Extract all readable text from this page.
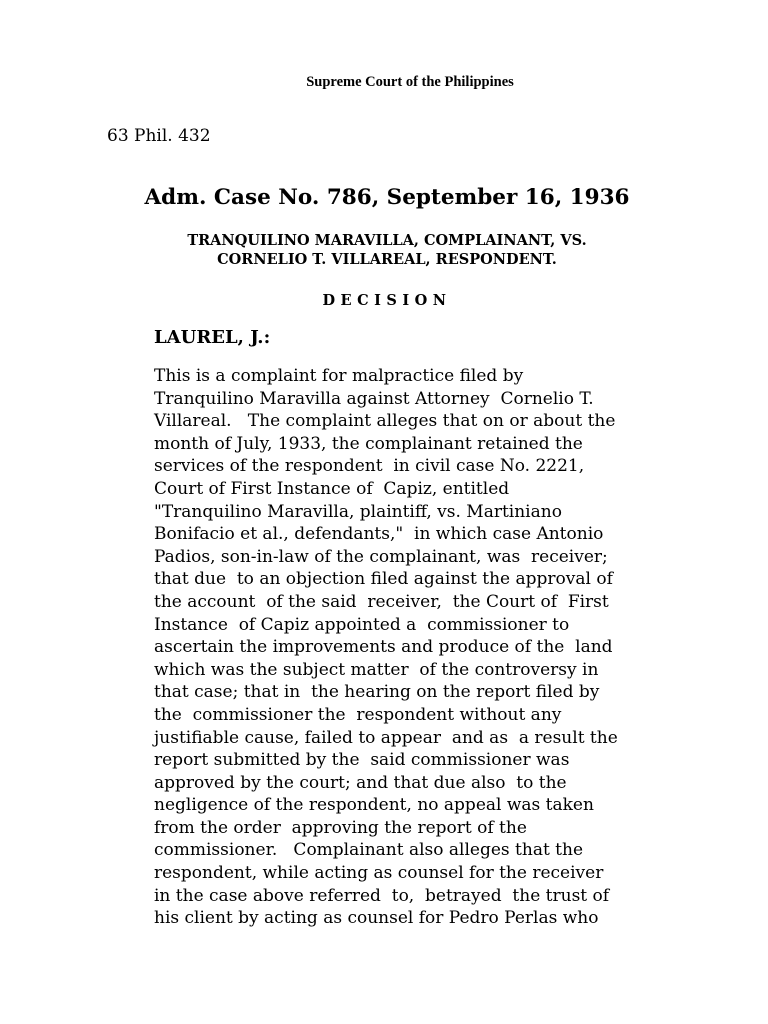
Supreme Court of the Philippines
63 Phil. 432
Adm. Case No. 786, September 16, 1936
TRANQUILINO MARAVILLA, COMPLAINANT, VS.
CORNELIO T. VILLAREAL, RESPONDENT.
DECISION
LAUREL, J.:
This is a complaint for malpractice filed by
Tranquilino Maravilla against Attorney  Cornelio T.
Villareal.   The complaint alleges that on or about the
month of July, 1933, the complainant retained the
services of the respondent  in civil case No. 2221,
Court of First Instance of  Capiz, entitled
"Tranquilino Maravilla, plaintiff, vs. Martiniano
Bonifacio et al., defendants,"  in which case Antonio
Padios, son-in-law of the complainant, was  receiver;
that due  to an objection filed against the approval of
the account  of the said  receiver,  the Court of  First
Instance  of Capiz appointed a  commissioner to
ascertain the improvements and produce of the  land
which was the subject matter  of the controversy in
that case; that in  the hearing on the report filed by
the  commissioner the  respondent without any
justifiable cause, failed to appear  and as  a result the
report submitted by the  said commissioner was
approved by the court; and that due also  to the
negligence of the respondent, no appeal was taken
from the order  approving the report of the
commissioner.   Complainant also alleges that the
respondent, while acting as counsel for the receiver
in the case above referred  to,  betrayed  the trust of
his client by acting as counsel for Pedro Perlas who
